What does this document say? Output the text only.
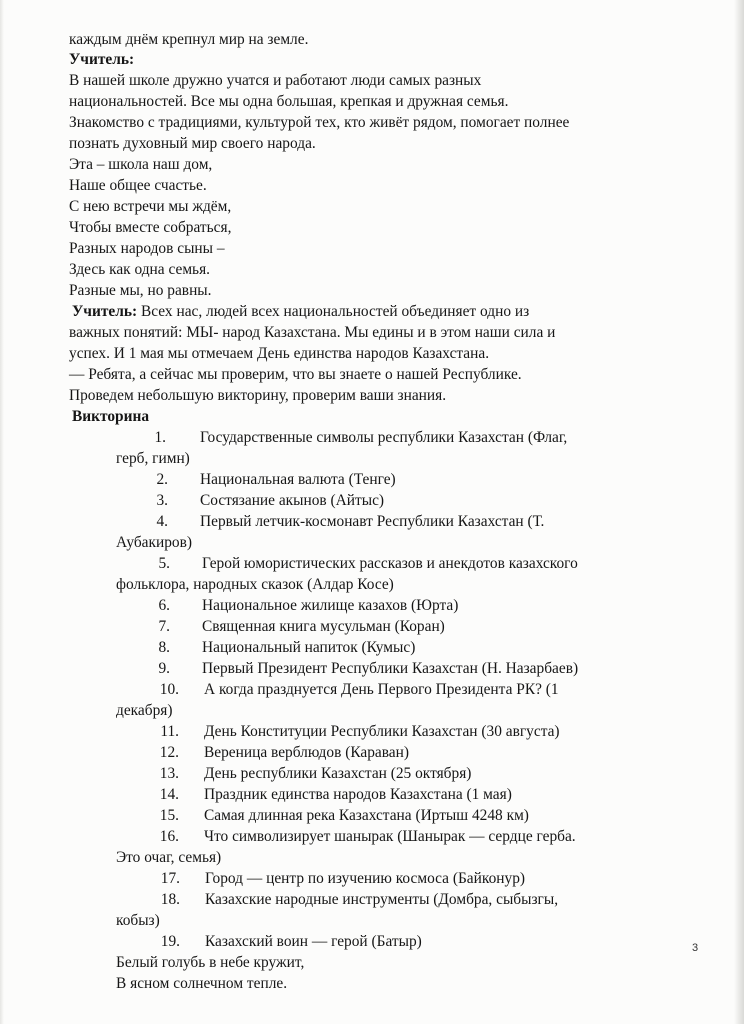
каждым днём крепнул мир на земле.
Учитель:
В нашей школе дружно учатся и работают люди самых разных
национальностей. Все мы одна большая, крепкая и дружная семья.
Знакомство с традициями, культурой тех, кто живёт рядом, помогает полнее
познать духовный мир своего народа.
Эта – школа наш дом,
Наше общее счастье.
С нею встречи мы ждём,
Чтобы вместе собраться,
Разных народов сыны –
Здесь как одна семья.
Разные мы, но равны.
Учитель: Всех нас, людей всех национальностей объединяет одно из
важных понятий: МЫ- народ Казахстана. Мы едины и в этом наши сила и
успех. И 1 мая мы отмечаем День единства народов Казахстана.
— Ребята, а сейчас мы проверим, что вы знаете о нашей Республике.
Проведем небольшую викторину, проверим ваши знания.
Викторина
1. Государственные символы республики Казахстан (Флаг,
герб, гимн)
2. Национальная валюта (Тенге)
3. Состязание акынов (Айтыс)
4. Первый летчик-космонавт Республики Казахстан (Т.
Аубакиров)
5. Герой юмористических рассказов и анекдотов казахского
фольклора, народных сказок (Алдар Косе)
6. Национальное жилище казахов (Юрта)
7. Священная книга мусульман (Коран)
8. Национальный напиток (Кумыс)
9. Первый Президент Республики Казахстан (Н. Назарбаев)
10. А когда празднуется День Первого Президента РК? (1
декабря)
11. День Конституции Республики Казахстан (30 августа)
12. Вереница верблюдов (Караван)
13. День республики Казахстан (25 октября)
14. Праздник единства народов Казахстана (1 мая)
15. Самая длинная река Казахстана (Иртыш 4248 км)
16. Что символизирует шанырак (Шанырак — сердце герба.
Это очаг, семья)
17. Город — центр по изучению космоса (Байконур)
18. Казахские народные инструменты (Домбра, сыбызгы,
кобыз)
19. Казахский воин — герой (Батыр)
Белый голубь в небе кружит,
В ясном солнечном тепле.
3
